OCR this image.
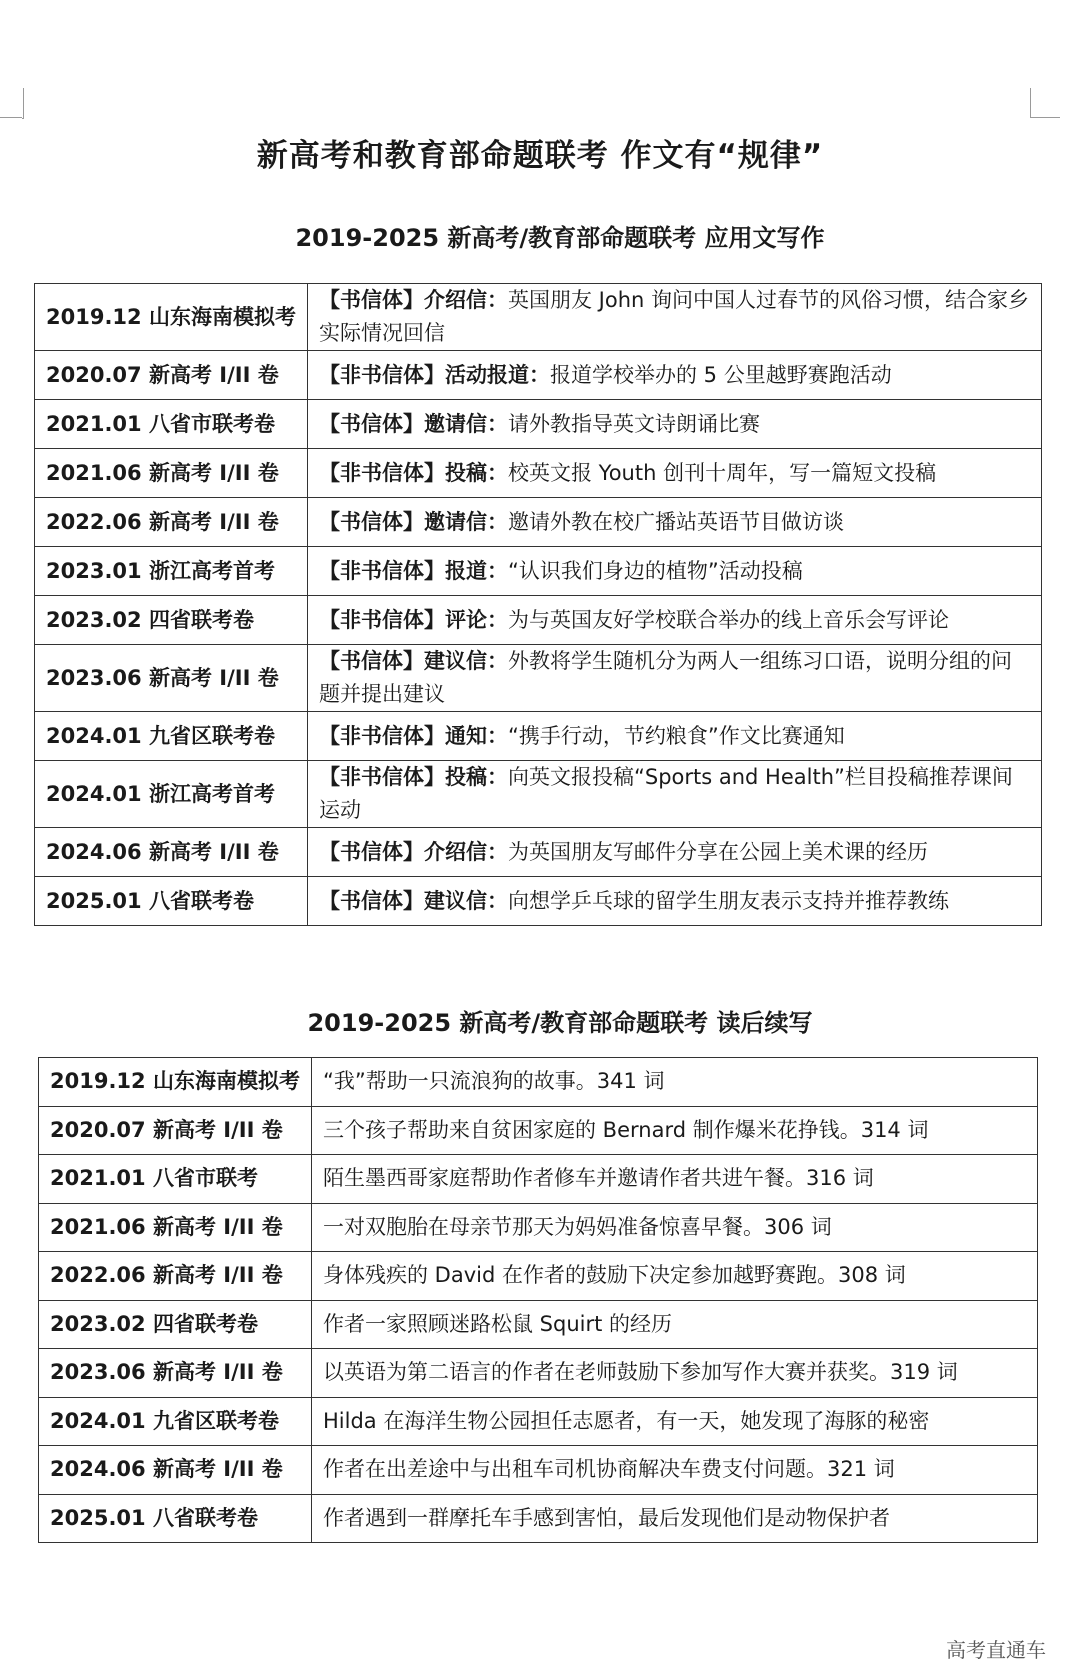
新高考和教育部命题联考 作文有“规律”
2019-2025 新高考/教育部命题联考 应用文写作
2019.12 山东海南模拟考	【书信体】介绍信：英国朋友 John 询问中国人过春节的风俗习惯，结合家乡实际情况回信
2020.07 新高考 I/II 卷	【非书信体】活动报道：报道学校举办的 5 公里越野赛跑活动
2021.01 八省市联考卷	【书信体】邀请信：请外教指导英文诗朗诵比赛
2021.06 新高考 I/II 卷	【非书信体】投稿：校英文报 Youth 创刊十周年，写一篇短文投稿
2022.06 新高考 I/II 卷	【书信体】邀请信：邀请外教在校广播站英语节目做访谈
2023.01 浙江高考首考	【非书信体】报道：“认识我们身边的植物”活动投稿
2023.02 四省联考卷	【非书信体】评论：为与英国友好学校联合举办的线上音乐会写评论
2023.06 新高考 I/II 卷	【书信体】建议信：外教将学生随机分为两人一组练习口语，说明分组的问题并提出建议
2024.01 九省区联考卷	【非书信体】通知：“携手行动，节约粮食”作文比赛通知
2024.01 浙江高考首考	【非书信体】投稿：向英文报投稿“Sports and Health”栏目投稿推荐课间运动
2024.06 新高考 I/II 卷	【书信体】介绍信：为英国朋友写邮件分享在公园上美术课的经历
2025.01 八省联考卷	【书信体】建议信：向想学乒乓球的留学生朋友表示支持并推荐教练
2019-2025 新高考/教育部命题联考 读后续写
2019.12 山东海南模拟考	“我”帮助一只流浪狗的故事。341 词
2020.07 新高考 I/II 卷	三个孩子帮助来自贫困家庭的 Bernard 制作爆米花挣钱。314 词
2021.01 八省市联考	陌生墨西哥家庭帮助作者修车并邀请作者共进午餐。316 词
2021.06 新高考 I/II 卷	一对双胞胎在母亲节那天为妈妈准备惊喜早餐。306 词
2022.06 新高考 I/II 卷	身体残疾的 David 在作者的鼓励下决定参加越野赛跑。308 词
2023.02 四省联考卷	作者一家照顾迷路松鼠 Squirt 的经历
2023.06 新高考 I/II 卷	以英语为第二语言的作者在老师鼓励下参加写作大赛并获奖。319 词
2024.01 九省区联考卷	Hilda 在海洋生物公园担任志愿者，有一天，她发现了海豚的秘密
2024.06 新高考 I/II 卷	作者在出差途中与出租车司机协商解决车费支付问题。321 词
2025.01 八省联考卷	作者遇到一群摩托车手感到害怕，最后发现他们是动物保护者
高考直通车
